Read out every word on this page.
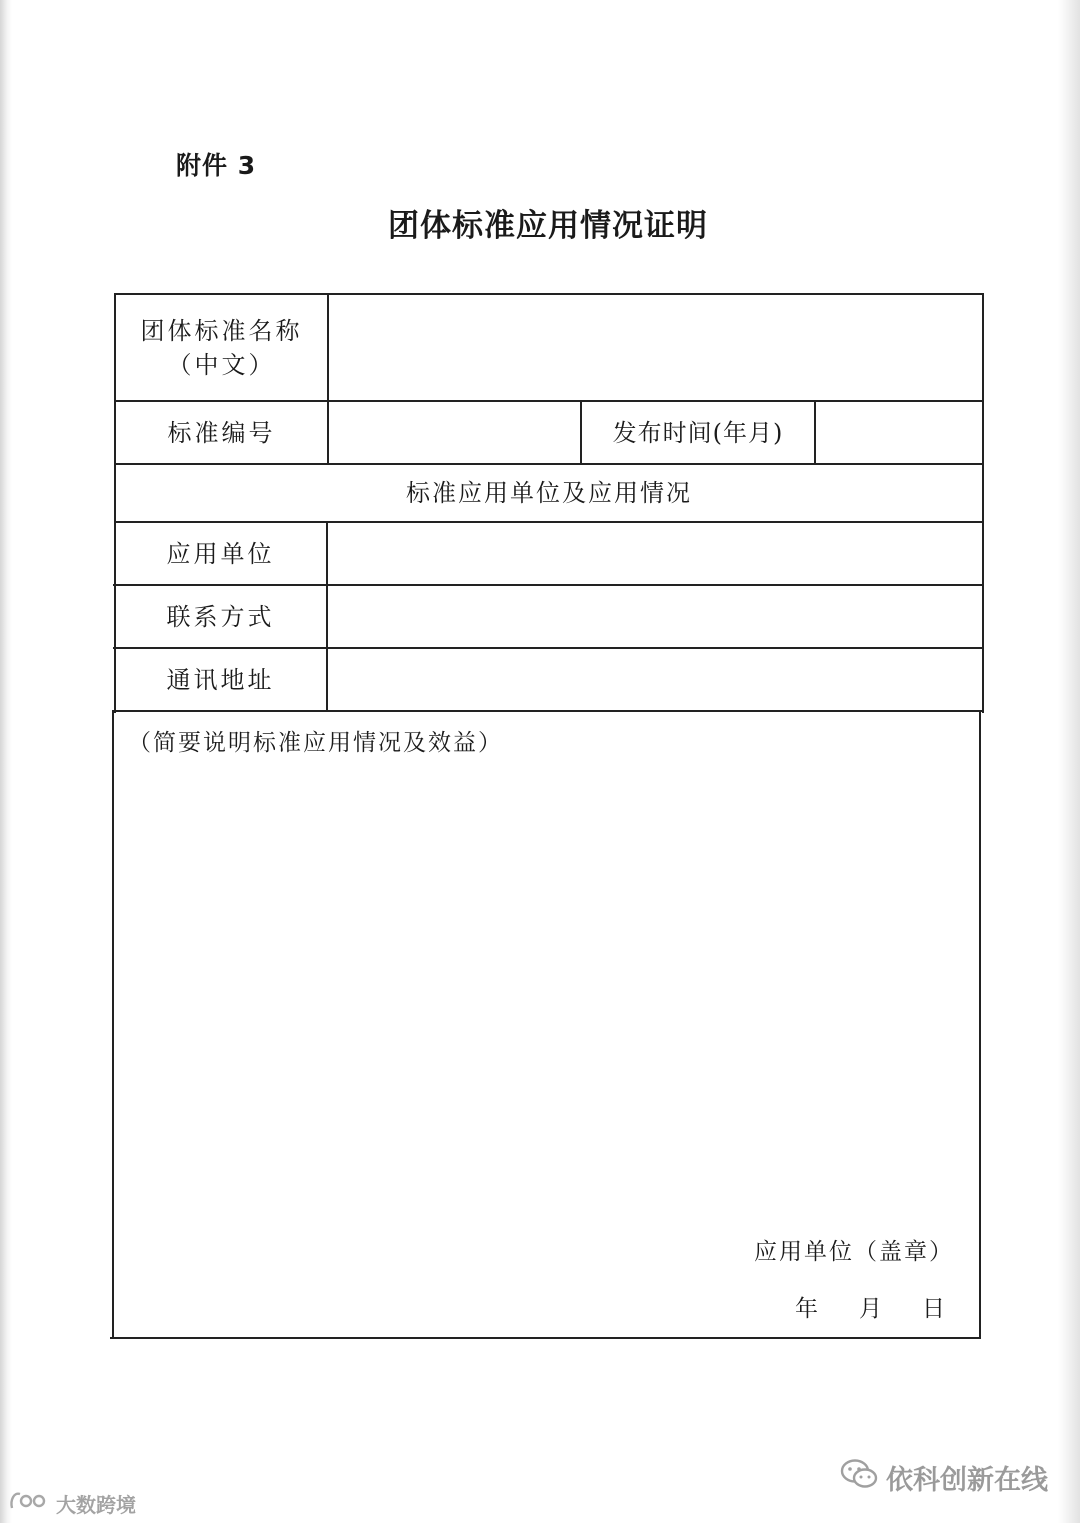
附件 3
团体标准应用情况证明
团体标准名称
（中文）
标准编号	发布时间(年月)
标准应用单位及应用情况
应用单位
联系方式
通讯地址
（简要说明标准应用情况及效益）
应用单位（盖章）
年 月 日
依科创新在线
大数跨境
